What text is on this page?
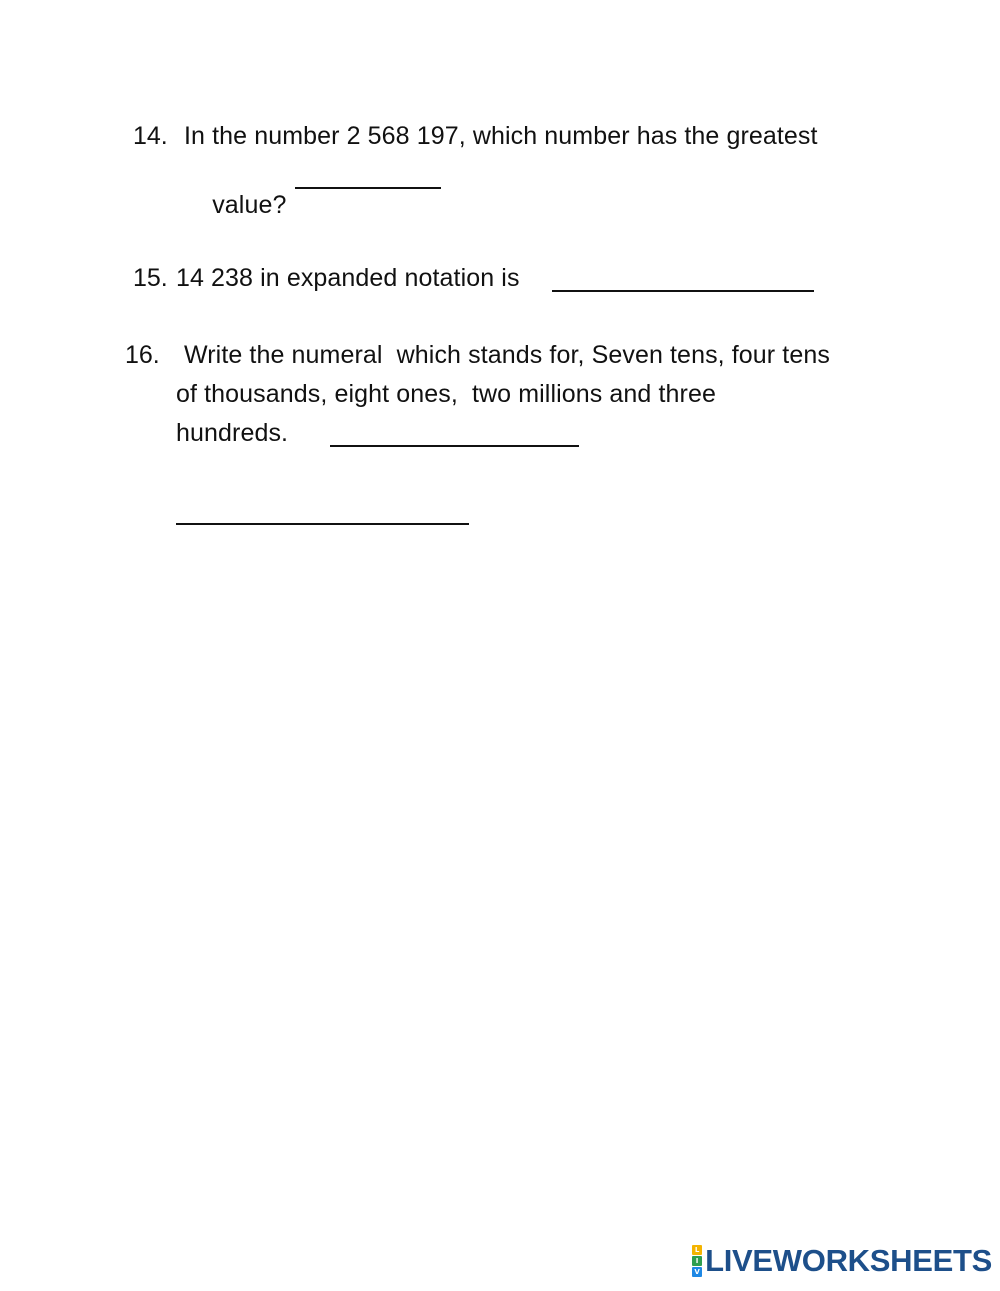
14. In the number 2 568 197, which number has the greatest

value?

15. 14 238 in expanded notation is
16. Write the numeral  which stands for, Seven tens, four tens
of thousands, eight ones,  two millions and three
hundreds.
L
I
V LIVEWORKSHEETS
